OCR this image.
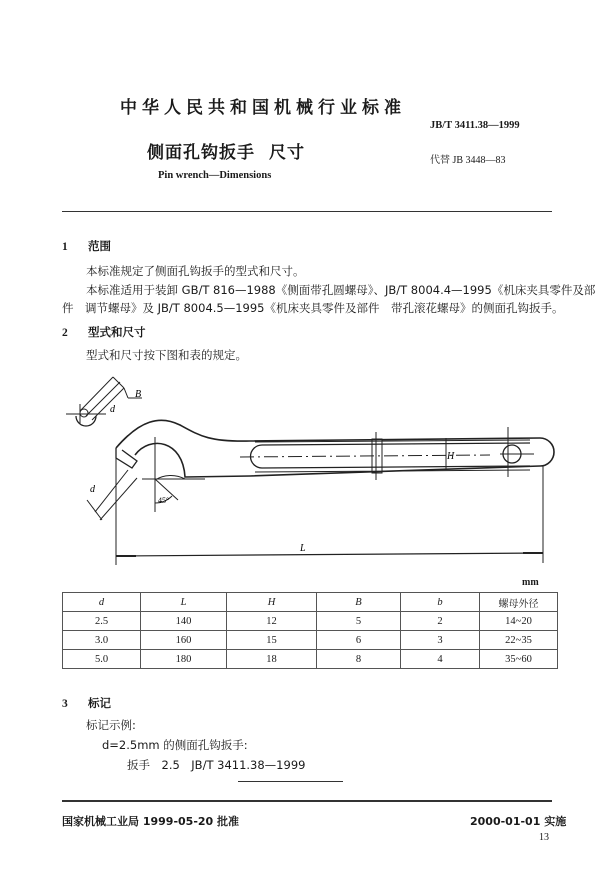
中华人民共和国机械行业标准
JB/T 3411.38—1999
侧面孔钩扳手 尺寸	代替 JB 3448—83
Pin wrench—Dimensions
1 范围
本标准规定了侧面孔钩扳手的型式和尺寸。
本标准适用于装卸 GB/T 816—1988《侧面带孔圆螺母》、JB/T 8004.4—1995《机床夹具零件及部
件　调节螺母》及 JB/T 8004.5—1995《机床夹具零件及部件　带孔滚花螺母》的侧面孔钩扳手。
2 型式和尺寸
型式和尺寸按下图和表的规定。
B
d
d
45°
H
L
mm
d	L	H	B	b	螺母外径
2.5	140	12	5	2	14~20
3.0	160	15	6	3	22~35
5.0	180	18	8	4	35~60
3 标记
标记示例:
d=2.5mm 的侧面孔钩扳手:
扳手　2.5　JB/T 3411.38—1999
国家机械工业局 1999-05-20 批准	2000-01-01 实施
13
